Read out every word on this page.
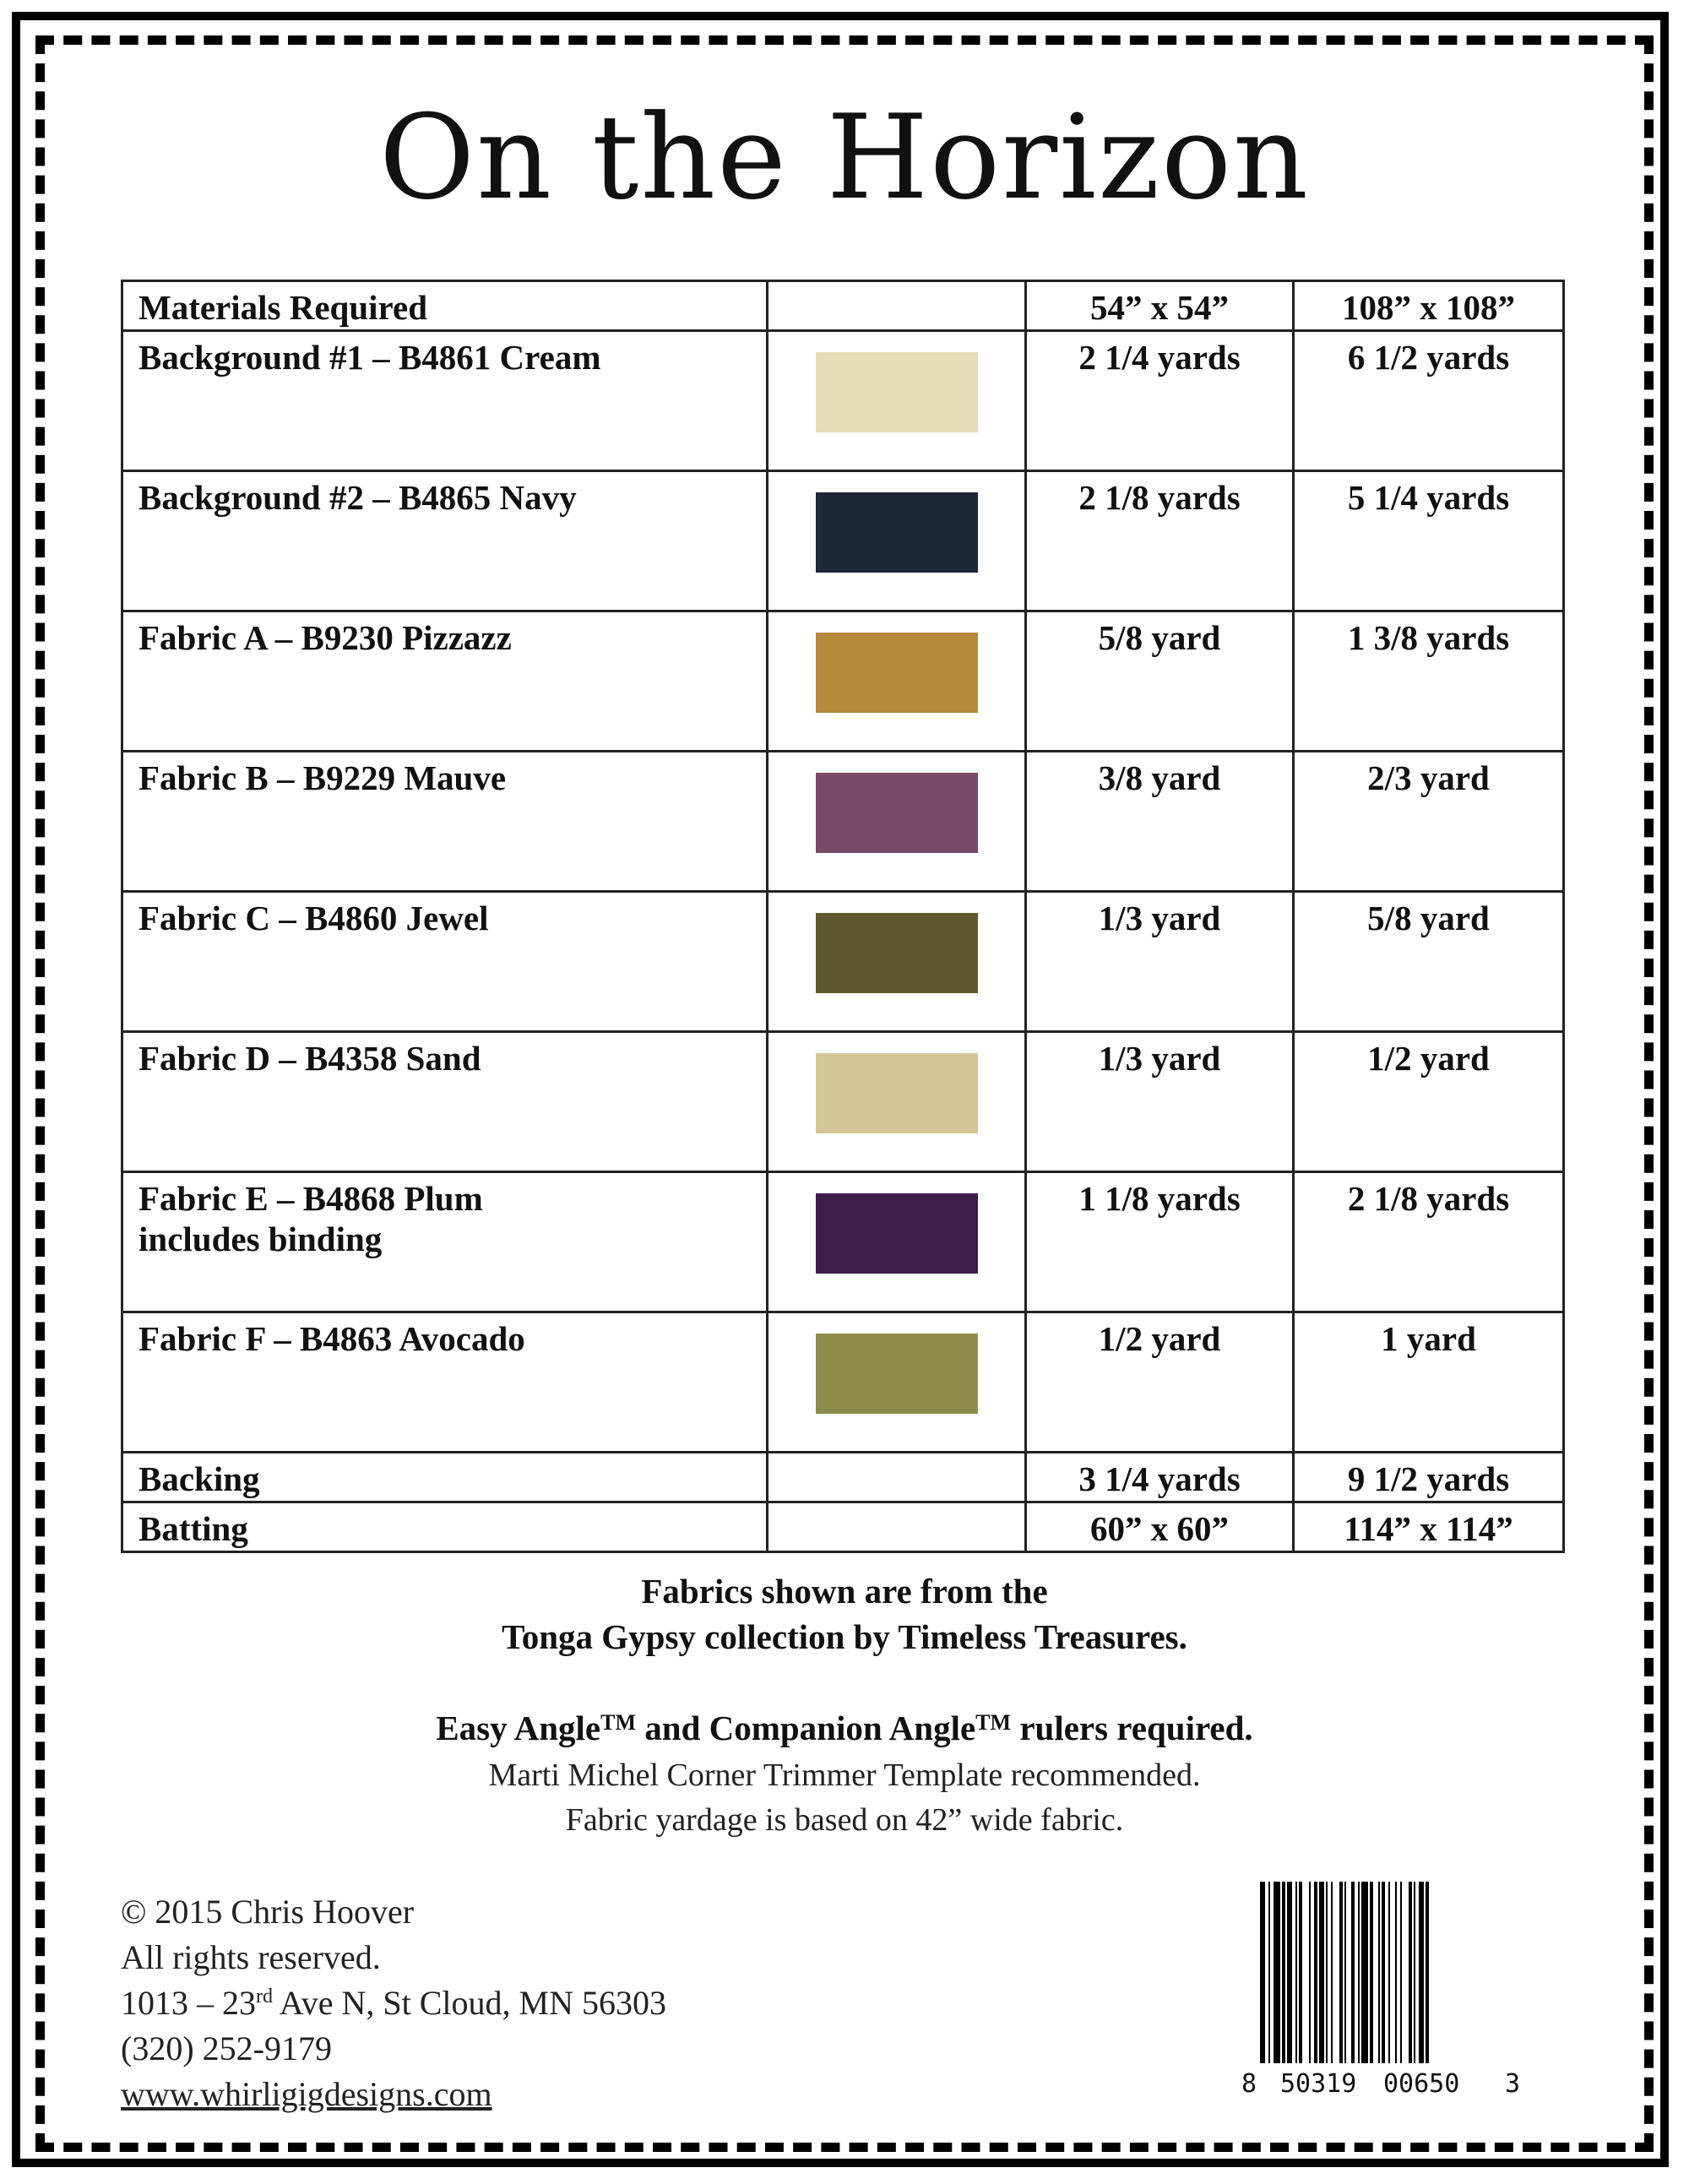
On the Horizon
Materials Required		54” x 54”	108” x 108”

Background #1 – B4861 Cream		2 1/4 yards	6 1/2 yards

Background #2 – B4865 Navy		2 1/8 yards	5 1/4 yards

Fabric A – B9230 Pizzazz		5/8 yard	1 3/8 yards

Fabric B – B9229 Mauve		3/8 yard	2/3 yard

Fabric C – B4860 Jewel		1/3 yard	5/8 yard

Fabric D – B4358 Sand		1/3 yard	1/2 yard

Fabric E – B4868 Plum
includes binding		1 1/8 yards	2 1/8 yards

Fabric F – B4863 Avocado		1/2 yard	1 yard
Backing		3 1/4 yards	9 1/2 yards
Batting		60” x 60”	114” x 114”
Fabrics shown are from the
Tonga Gypsy collection by Timeless Treasures.
Easy Angle™ and Companion Angle™ rulers required.
Marti Michel Corner Trimmer Template recommended.
Fabric yardage is based on 42” wide fabric.
© 2015 Chris Hoover
All rights reserved.
1013 – 23rd Ave N, St Cloud, MN 56303
(320) 252-9179
www.whirligigdesigns.com	8 50319 00650 3
